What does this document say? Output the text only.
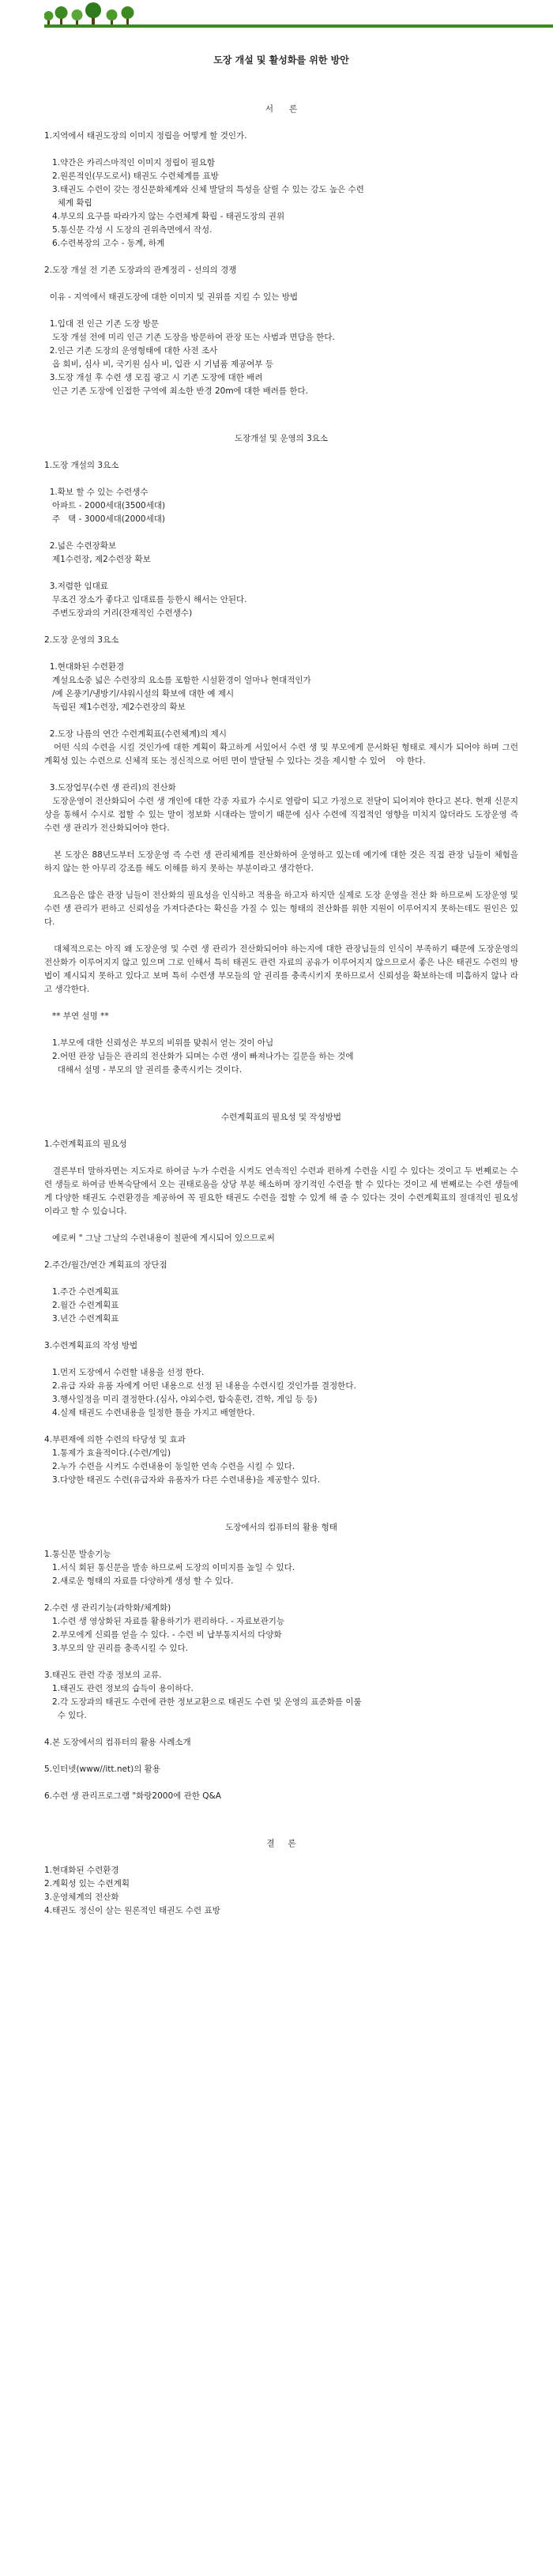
도장 개설 및 활성화를 위한 방안
서      론
1.지역에서 태권도장의 이미지 정립을 어떻게 할 것인가.
1.약간은 카리스마적인 이미지 정립이 필요함
2.원론적인(무도로서) 태권도 수련체계를 표방
3.태권도 수련이 갖는 정신문화체계와 신체 발달의 특성을 살릴 수 있는 강도 높은 수련
체계 확립
4.부모의 요구를 따라가지 않는 수련체계 확립 - 태권도장의 권위
5.통신문 각성 시 도장의 권위측면에서 작성.
6.수련복장의 고수 - 동계, 하계
2.도장 개설 전 기존 도장과의 관계정리 - 선의의 경쟁
이유 - 지역에서 태권도장에 대한 이미지 및 권위를 지킬 수 있는 방법
1.입대 전 인근 기존 도장 방문
도장 개설 전에 미리 인근 기존 도장을 방문하여 관장 또는 사범과 면담을 한다.
2.인근 기존 도장의 운영형태에 대한 사전 조사
옵 회비, 심사 비, 국기원 심사 비, 입관 시 기념품 제공여부 등
3.도장 개설 후 수련 생 모집 광고 시 기존 도장에 대한 배려
인근 기존 도장에 인접한 구역에 최소한 반경 20m에 대한 배려를 한다.
도장개설 및 운영의 3요소
1.도장 개설의 3요소
1.확보 할 수 있는 수련생수
아파트 - 2000세대(3500세대)
주   택 - 3000세대(2000세대)
2.넓은 수련장확보
제1수련장, 제2수련장 확보
3.저렴한 임대료
무조건 장소가 좋다고 임대료를 등한시 해서는 안된다.
주변도장과의 거리(잔재적인 수련생수)
2.도장 운영의 3요소
1.현대화된 수련환경
계설요소중 넓은 수련장의 요소를 포함한 시설환경이 얼마나 현대적인가
/예 온풍기/냉방기/샤워시설의 확보에 대한 예 제시
독립된 제1수련장, 제2수련장의 확보
2.도장 나름의 연간 수련계획표(수련체계)의 제시
어떤 식의 수련을 시킬 것인가에 대한 계획이 확고하게 서있어서 수련 생 및 부모에게 문서화된 형태로 제시가 되어야 하며 그런 계획성 있는 수련으로 신체적 또는 정신적으로 어떤 면이 발달될 수 있다는 것을 제시할 수 있어    야 한다.
3.도장업무(수련 생 관리)의 전산화
도장운영이 전산화되어 수련 생 개인에 대한 각종 자료가 수시로 열람이 되고 가정으로 전달이 되어져야 한다고 본다. 현재 신문지상을 통해서 수시로 접할 수 있는 말이 정보화 시대라는 말이기 때문에 심사 수련에 직접적인 영향을 미치지 않더라도 도장운영 즉 수련 생 관리가 전산화되어야 한다.
본 도장은 88년도부터 도장운영 즉 수련 생 관리체계를 전산화하여 운영하고 있는데 예기에 대한 것은 직접 관장 님들이 체험을 하지 않는 한 아무리 강조를 해도 이해를 하지 못하는 부분이라고 생각한다.
요즈음은 많은 관장 님들이 전산화의 필요성을 인식하고 적용을 하고자 하지만 실제로 도장 운영을 전산 화 하므로써 도장운영 및 수련 생 관리가 편하고 신뢰성을 가져다준다는 확신을 가질 수 있는 형태의 전산화를 위한 지원이 이루어지지 못하는데도 원인은 있다.
대체적으로는 아직 왜 도장운영 및 수련 생 관리가 전산화되어야 하는지에 대한 관장님들의 인식이 부족하기 때문에 도장운영의 전산화가 이루어지지 않고 있으며 그로 인해서 특히 태권도 관련 자료의 공유가 이루어지지 않으므로서 좋은 나은 태권도 수련의 방법이 제시되지 못하고 있다고 보며 특히 수련생 부모들의 알 권리를 충족시키지 못하므로서 신뢰성을 확보하는데 미흡하지 않나 라고 생각한다.
** 부연 설명 **
1.부모에 대한 신뢰성은 부모의 비위를 맞춰서 얻는 것이 아님
2.어떤 관장 님들은 관리의 전산화가 되며는 수련 생이 빠져나가는 길문을 하는 것에
대해서 설명 - 부모의 알 권리를 충족시키는 것이다.
수련계획표의 필요성 및 작성방법
1.수련계획표의 필요성
결론부터 말하자면는 지도자로 하여금 누가 수련을 시켜도 연속적인 수련과 편하게 수련을 시킬 수 있다는 것이고 두 번째로는 수련 생들로 하여금 반복숙달에서 오는 권태로움을 상당 부분 해소하며 장기적인 수련을 할 수 있다는 것이고 세 번째로는 수련 생들에게 다양한 태권도 수련환경을 제공하여 꼭 필요한 태권도 수련을 접할 수 있게 해 줄 수 있다는 것이 수련계획표의 절대적인 필요성이라고 할 수 있습니다.
예로써 " 그날 그날의 수련내용이 칠판에 게시되어 있으므로써
2.주간/월간/연간 계획표의 장단점
1.주간 수련계획표
2.월간 수련계획표
3.년간 수련계획표
3.수련계획표의 작성 방법
1.먼저 도장에서 수련할 내용을 선정 한다.
2.유급 자와 유품 자에게 어떤 내용으로 선정 된 내용을 수련시킬 것인가를 결정한다.
3.행사일정을 미리 결정한다.(심사, 야외수련, 합숙훈련, 견학, 게임 등 등)
4.실제 태권도 수련내용을 일정한 틀을 가지고 배열한다.
4.부편재에 의한 수련의 타당성 및 효과
1.통제가 효율적이다.(수련/게임)
2.누가 수련을 시켜도 수련내용이 동일한 연속 수련을 시킬 수 있다.
3.다양한 태권도 수련(유급자와 유품자가 다른 수련내용)을 제공할수 있다.
도장에서의 컴퓨터의 활용 형태
1.통신문 발송기능
1.서식 회된 통신문을 발송 하므로써 도장의 이미지를 높일 수 있다.
2.새로운 형태의 자료를 다양하게 생성 할 수 있다.
2.수련 생 관리기능(과학화/체계화)
1.수련 생 영상화된 자료를 활용하기가 편리하다. - 자료보관기능
2.부모에게 신뢰를 얻을 수 있다. - 수련 비 납부통지서의 다양화
3.부모의 알 권리를 충족시킬 수 있다.
3.태권도 관련 각종 정보의 교류.
1.태권도 관련 정보의 습득이 용이하다.
2.각 도장과의 태권도 수련에 관한 정보교환으로 태권도 수련 및 운영의 표준화를 이룰
수 있다.
4.본 도장에서의 컴퓨터의 활용 사례소개
5.인터넷(www//itt.net)의 활용
6.수련 생 관리프로그램 "화랑2000에 관한 Q&A
결     론
1.현대화된 수련환경
2.계획성 있는 수련계획
3.운영체계의 전산화
4.태권도 정신이 살는 원론적인 태권도 수련 표방
